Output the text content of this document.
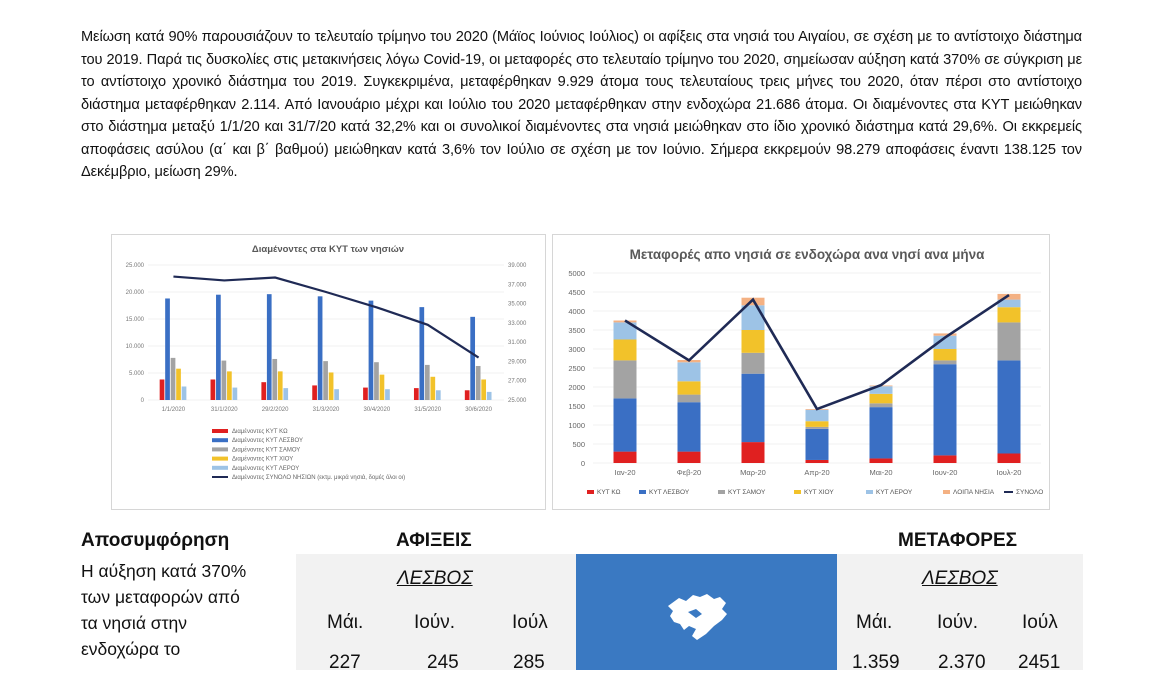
Μείωση κατά 90% παρουσιάζουν το τελευταίο τρίμηνο του 2020 (Μάϊος Ιούνιος Ιούλιος) οι αφίξεις στα νησιά του Αιγαίου, σε σχέση με το αντίστοιχο διάστημα του 2019. Παρά τις δυσκολίες στις μετακινήσεις λόγω Covid-19, οι μεταφορές στο τελευταίο τρίμηνο του 2020, σημείωσαν αύξηση κατά 370% σε σύγκριση με το αντίστοιχο χρονικό διάστημα του 2019. Συγκεκριμένα, μεταφέρθηκαν 9.929 άτομα τους τελευταίους τρεις μήνες του 2020, όταν πέρσι στο αντίστοιχο διάστημα μεταφέρθηκαν 2.114. Από Ιανουάριο μέχρι και Ιούλιο του 2020 μεταφέρθηκαν στην ενδοχώρα 21.686 άτομα. Οι διαμένοντες στα ΚΥΤ μειώθηκαν στο διάστημα μεταξύ 1/1/20 και 31/7/20 κατά 32,2% και οι συνολικοί διαμένοντες στα νησιά μειώθηκαν στο ίδιο χρονικό διάστημα κατά 29,6%. Οι εκκρεμείς αποφάσεις ασύλου (α΄ και β΄ βαθμού) μειώθηκαν κατά 3,6% τον Ιούλιο σε σχέση με τον Ιούνιο. Σήμερα εκκρεμούν 98.279 αποφάσεις έναντι 138.125 τον Δεκέμβριο, μείωση 29%.
Διαμένοντες στα ΚΥΤ των νησιών
0
5.000
10.000
15.000
20.000
25.000
25.000
27.000
29.000
31.000
33.000
35.000
37.000
39.000
1/1/2020	31/1/2020	29/2/2020	31/3/2020	30/4/2020	31/5/2020	30/6/2020
Διαμένοντες ΚΥΤ ΚΩ
Διαμένοντες ΚΥΤ ΛΕΣΒΟΥ
Διαμένοντες ΚΥΤ ΣΑΜΟΥ
Διαμένοντες ΚΥΤ ΧΙΟΥ
Διαμένοντες ΚΥΤ ΛΕΡΟΥ
Διαμένοντες ΣΥΝΟΛΟ ΝΗΣΙΩΝ (εκτμ. μικρά νησιά, δομές όλοι οι)
Μεταφορές απο νησιά σε ενδοχώρα ανα νησί ανα μήνα
0
500
1000
1500
2000
2500
3000
3500
4000
4500
5000
Ιαν-20	Φεβ-20	Μαρ-20	Απρ-20	Μαι-20	Ιουν-20	Ιουλ-20
ΚΥΤ ΚΩ	ΚΥΤ ΛΕΣΒΟΥ	ΚΥΤ ΣΑΜΟΥ	ΚΥΤ ΧΙΟΥ	ΚΥΤ ΛΕΡΟΥ	ΛΟΙΠΑ ΝΗΣΙΑ	ΣΥΝΟΛΟ
Αποσυμφόρηση
Η αύξηση κατά 370%
των μεταφορών από
τα νησιά στην
ενδοχώρα το
ΑΦΙΞΕΙΣ
ΛΕΣΒΟΣ
Μάι.	Ιούν.	Ιούλ
227	245	285
ΜΕΤΑΦΟΡΕΣ
ΛΕΣΒΟΣ
Μάι. Ιούν. Ιούλ
1.359 2.370 2451
